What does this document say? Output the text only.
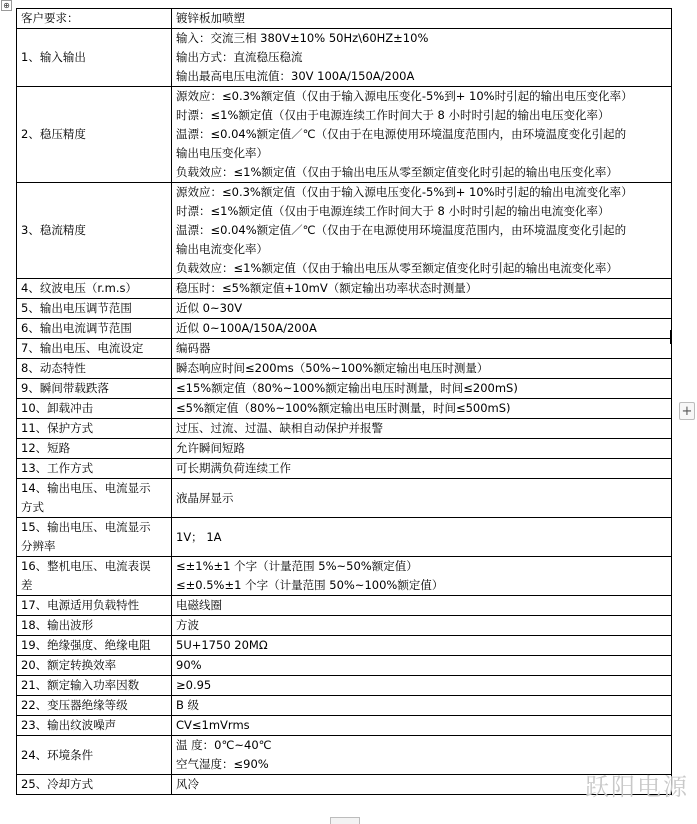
⊕
客户要求：	镀锌板加喷塑

1、输入输出	输入：交流三相 380V±10% 50Hz\60HZ±10%
输出方式：直流稳压稳流
输出最高电压电流值：30V 100A/150A/200A

2、稳压精度	源效应：≤0.3%额定值（仅由于输入源电压变化-5%到+ 10%时引起的输出电压变化率）
时漂：≤1%额定值（仅由于电源连续工作时间大于 8 小时时引起的输出电压变化率）
温漂：≤0.04%额定值／℃（仅由于在电源使用环境温度范围内，由环境温度变化引起的
输出电压变化率）
负载效应：≤1%额定值（仅由于输出电压从零至额定值变化时引起的输出电压变化率）

3、稳流精度	源效应：≤0.3%额定值（仅由于输入源电压变化-5%到+ 10%时引起的输出电流变化率）
时漂：≤1%额定值（仅由于电源连续工作时间大于 8 小时时引起的输出电流变化率）
温漂：≤0.04%额定值／℃（仅由于在电源使用环境温度范围内，由环境温度变化引起的
输出电流变化率）
负载效应：≤1%额定值（仅由于输出电压从零至额定值变化时引起的输出电流变化率）

4、纹波电压（r.m.s）	稳压时：≤5%额定值+10mV（额定输出功率状态时测量）

5、输出电压调节范围	近似 0~30V

6、输出电流调节范围	近似 0~100A/150A/200A

7、输出电压、电流设定	编码器

8、动态特性	瞬态响应时间≤200ms（50%~100%额定输出电压时测量）

9、瞬间带载跌落	≤15%额定值（80%~100%额定输出电压时测量，时间≤200mS)

10、卸载冲击	≤5%额定值（80%~100%额定输出电压时测量，时间≤500mS)

11、保护方式	过压、过流、过温、缺相自动保护并报警

12、短路	允许瞬间短路

13、工作方式	可长期满负荷连续工作

14、输出电压、电流显示
方式	液晶屏显示

15、输出电压、电流显示
分辨率	1V； 1A

16、整机电压、电流表误
差	≤±1%±1 个字（计量范围 5%~50%额定值）
≤±0.5%±1 个字（计量范围 50%~100%额定值）

17、电源适用负载特性	电磁线圈

18、输出波形	方波

19、绝缘强度、绝缘电阻	5U+1750 20MΩ

20、额定转换效率	90%

21、额定输入功率因数	≥0.95

22、变压器绝缘等级	B 级

23、输出纹波噪声	CV≤1mVrms

24、环境条件	温 度：0℃~40℃
空气湿度：≤90%

25、冷却方式	风冷
+
跃阳电源
